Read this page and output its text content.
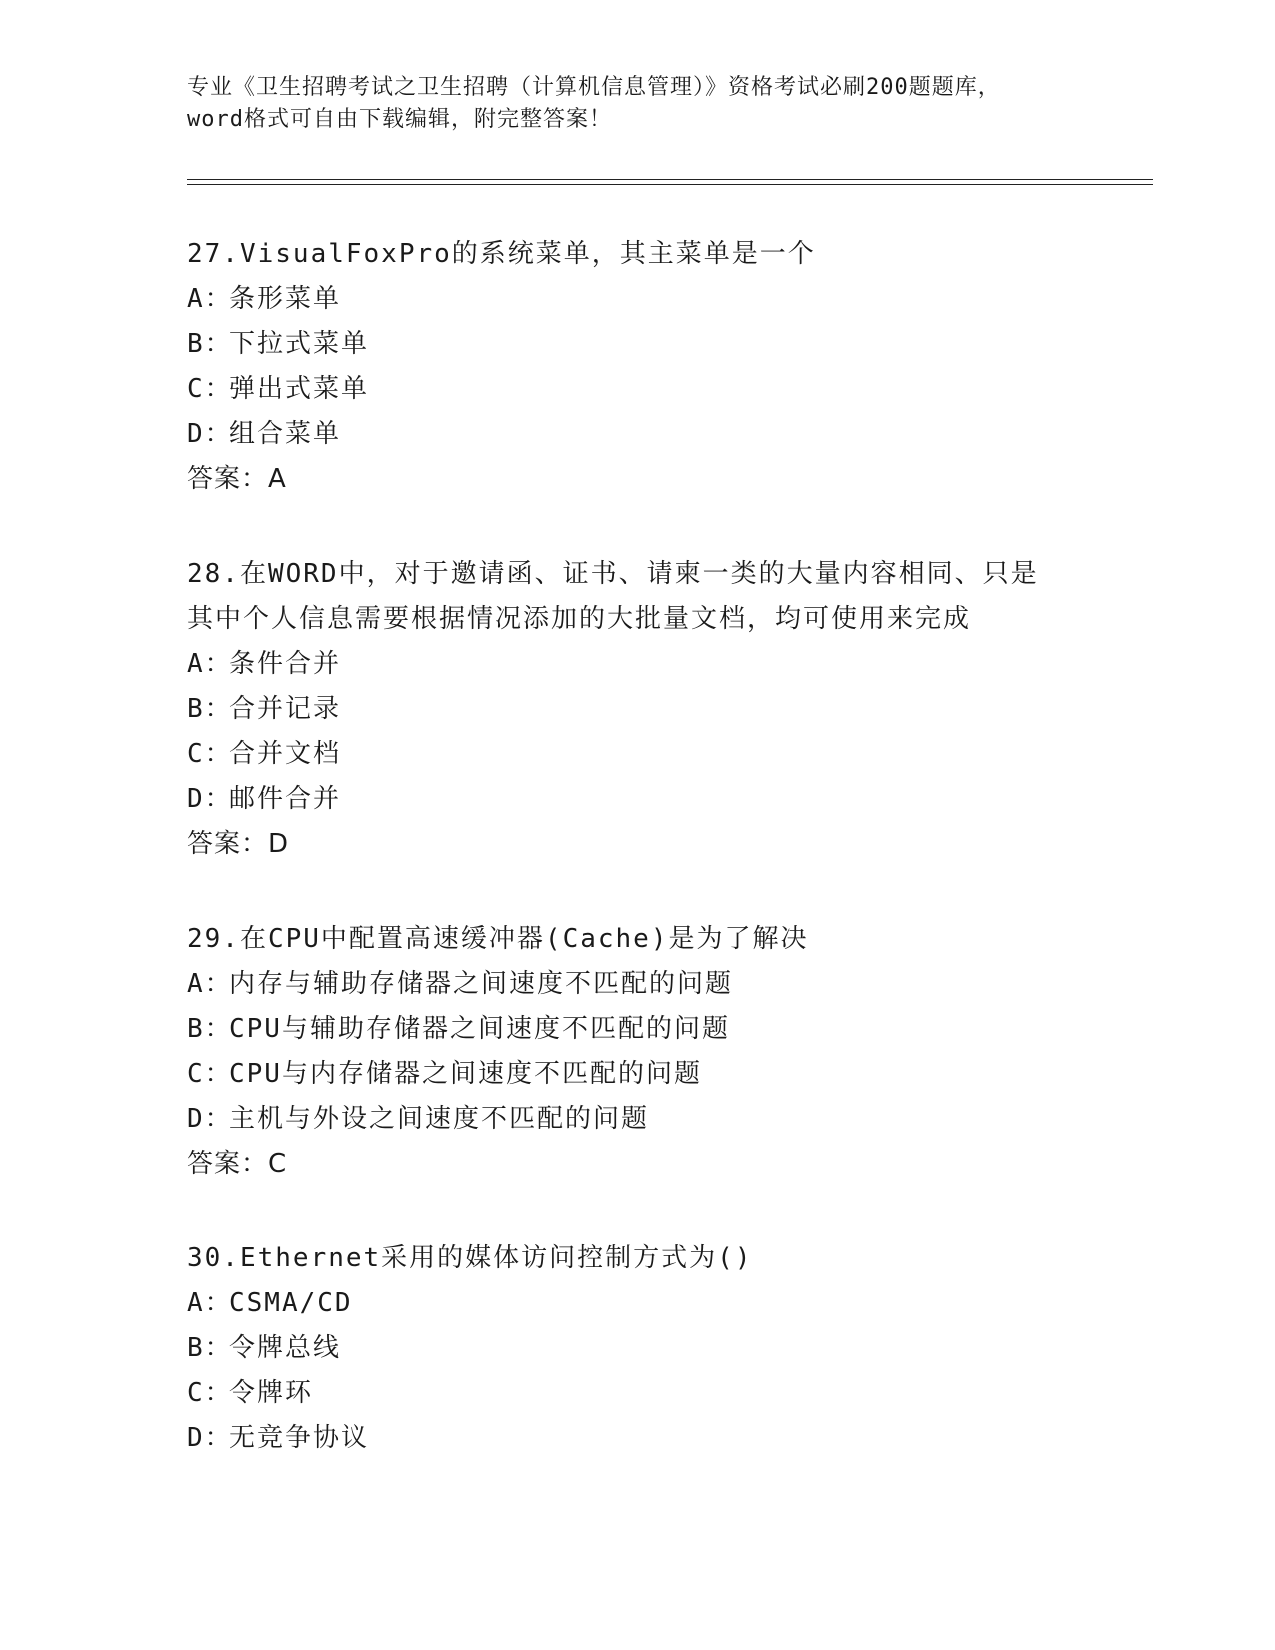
专业《卫生招聘考试之卫生招聘（计算机信息管理）》资格考试必刷200题题库，
word格式可自由下载编辑，附完整答案！
27.VisualFoxPro的系统菜单，其主菜单是一个
A：条形菜单
B：下拉式菜单
C：弹出式菜单
D：组合菜单
答案：A
28.在WORD中，对于邀请函、证书、请柬一类的大量内容相同、只是
其中个人信息需要根据情况添加的大批量文档，均可使用来完成
A：条件合并
B：合并记录
C：合并文档
D：邮件合并
答案：D
29.在CPU中配置高速缓冲器(Cache)是为了解决
A：内存与辅助存储器之间速度不匹配的问题
B：CPU与辅助存储器之间速度不匹配的问题
C：CPU与内存储器之间速度不匹配的问题
D：主机与外设之间速度不匹配的问题
答案：C
30.Ethernet采用的媒体访问控制方式为()
A：CSMA/CD
B：令牌总线
C：令牌环
D：无竞争协议
